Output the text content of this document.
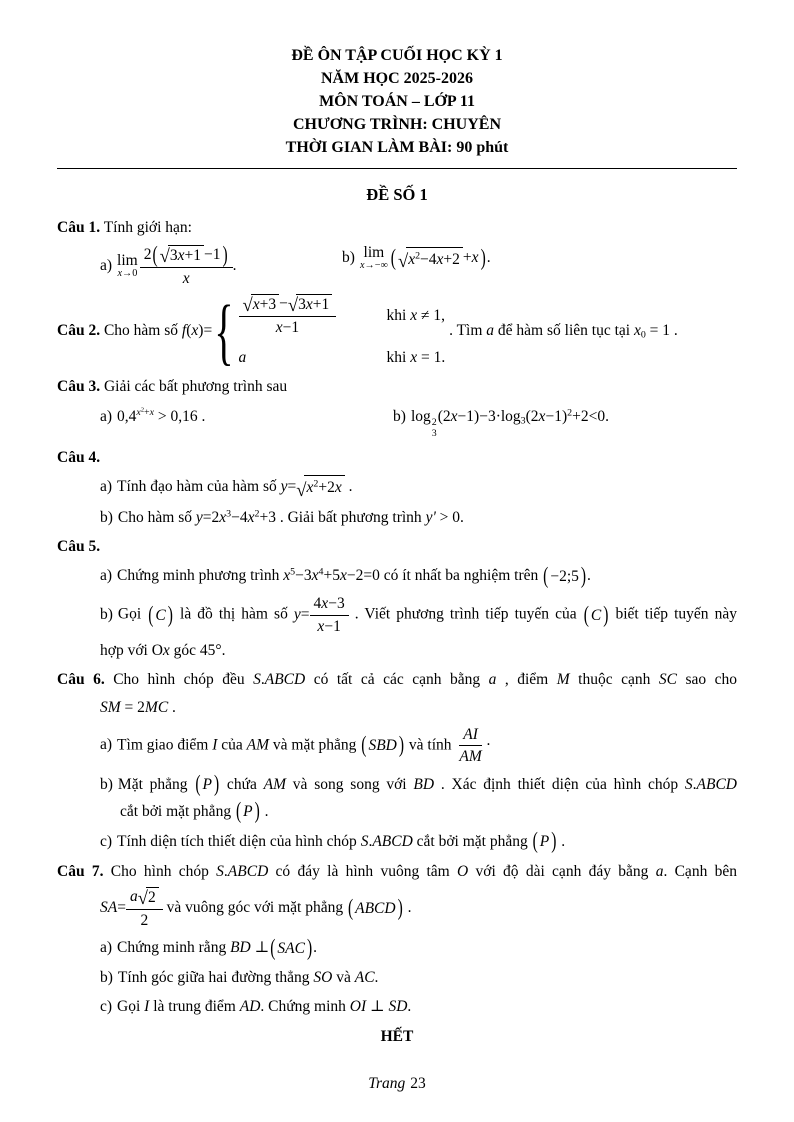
ĐỀ ÔN TẬP CUỐI HỌC KỲ 1
NĂM HỌC 2025-2026
MÔN TOÁN – LỚP 11
CHƯƠNG TRÌNH: CHUYÊN
THỜI GIAN LÀM BÀI: 90 phút
ĐỀ SỐ 1
Câu 1. Tính giới hạn:
a) lim
$x\to 0 \frac{2 ( √ 3x+1 -1 )}{x}$ .	b) lim
x→−∞ ( √ $x^2-4x+2 +x$ ) .
Câu 2. Cho hàm số f(x)= { $\frac{√ x+3 - √ 3x+1}{x-1}$	khi x ≠ 1,
a	khi x = 1.
. Tìm a để hàm số liên tục tại $x_0 = 1$ .
Câu 3. Giải các bất phương trình sau
a) $0,4^{x^2+x} > 0,16$ .	b) log 2
3
$(2x-1)-3\cdot\log_3(2x-1)^2+2<0$.
Câu 4.
a) Tính đạo hàm của hàm số y= √ $x^2+2x$ .
b) Cho hàm số $y=2x^3-4x^2+3$ . Giải bất phương trình y' > 0.
Câu 5.
a) Chứng minh phương trình $x^5-3x^4+5x-2=0$ có ít nhất ba nghiệm trên ( −2;5 ) .
b) Gọi ( C ) là đồ thị hàm số $y= \frac{4x-3}{x-1}$ . Viết phương trình tiếp tuyến của ( C ) biết tiếp tuyến này
hợp với Ox góc 45°.
Câu 6. Cho hình chóp đều S.ABCD có tất cả các cạnh bằng a , điểm M thuộc cạnh SC sao cho
SM = 2MC .
a) Tìm giao điểm I của AM và mặt phẳng ( SBD ) và tính $\frac{AI}{AM}$ ·
b) Mặt phẳng ( P ) chứa AM và song song với BD . Xác định thiết diện của hình chóp S.ABCD
cắt bởi mặt phẳng ( P ) .
c) Tính diện tích thiết diện của hình chóp S.ABCD cắt bởi mặt phẳng ( P ) .
Câu 7. Cho hình chóp S.ABCD có đáy là hình vuông tâm O với độ dài cạnh đáy bằng a. Cạnh bên
$SA= \frac{a √ 2}{2}$ và vuông góc với mặt phẳng ( ABCD ) .
a) Chứng minh rằng BD ⊥ ( SAC ) .
b) Tính góc giữa hai đường thẳng SO và AC.
c) Gọi I là trung điểm AD. Chứng minh OI ⊥ SD.
HẾT
Trang 23
